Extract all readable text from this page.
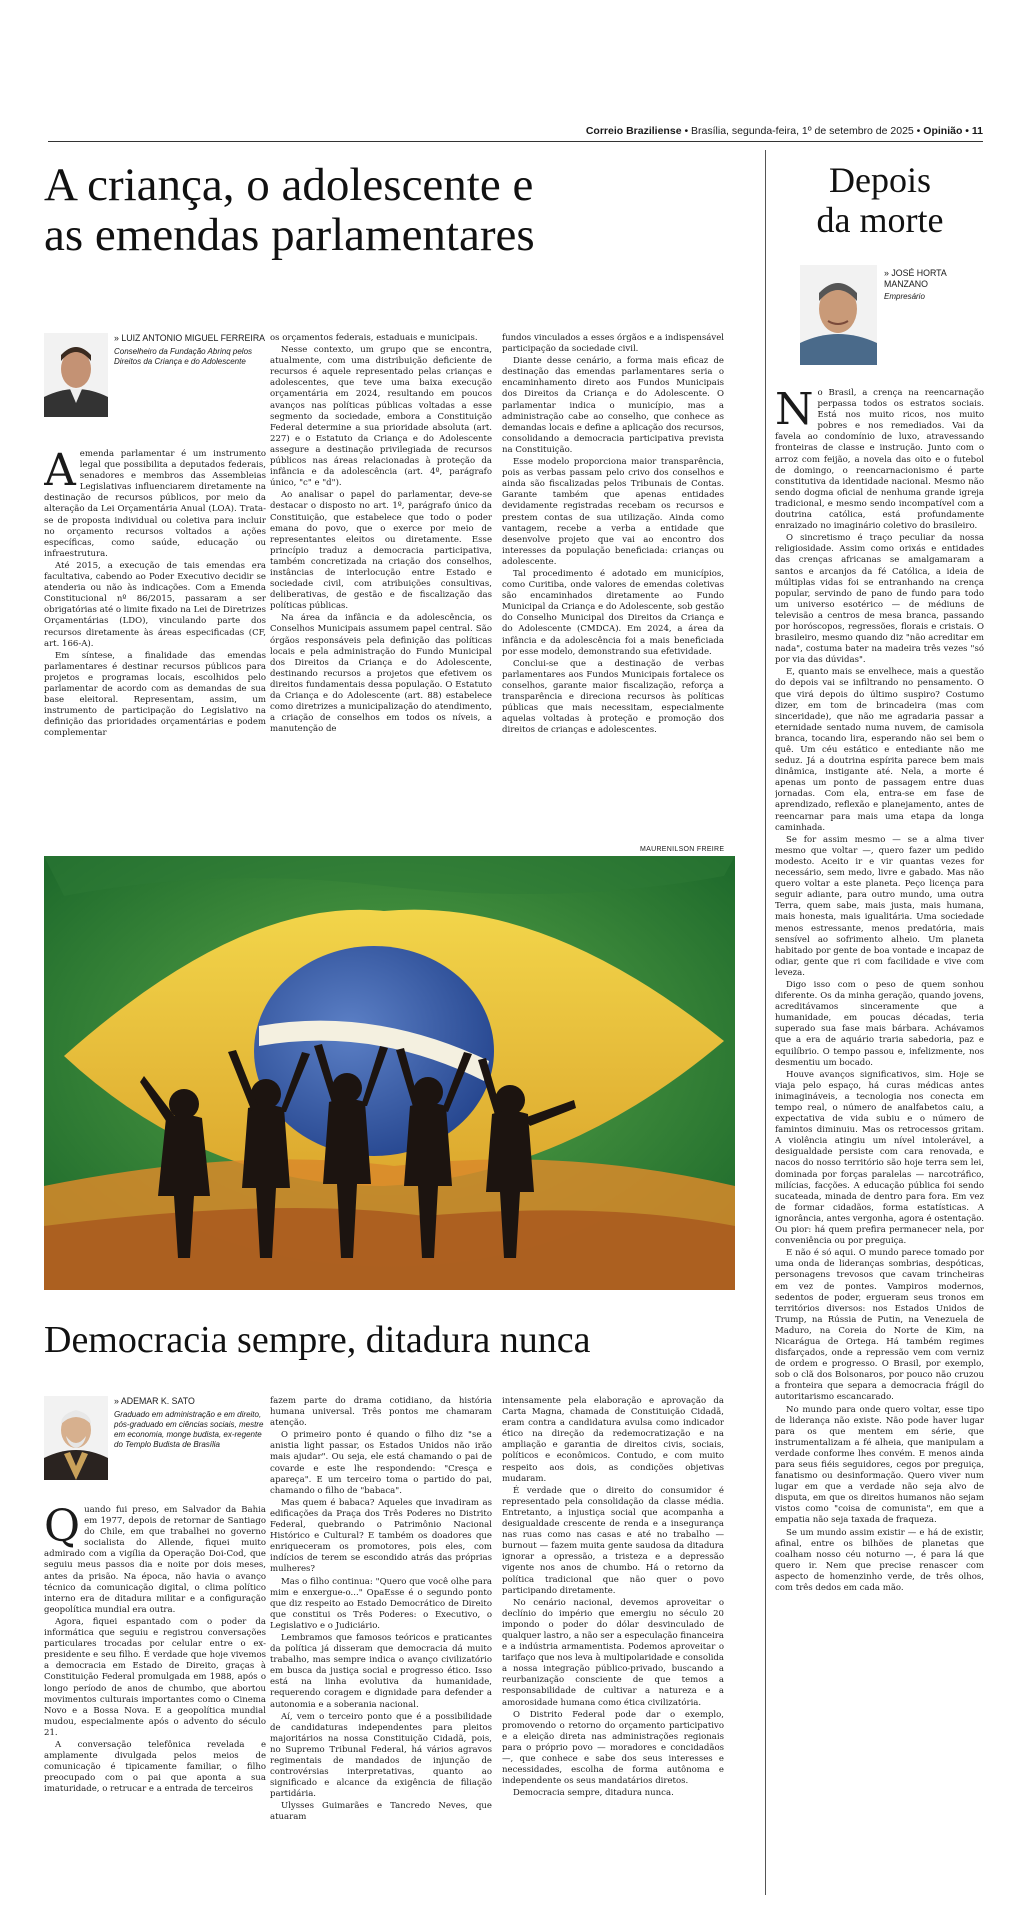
Correio Braziliense • Brasília, segunda-feira, 1º de setembro de 2025 • Opinião • 11
A criança, o adolescente e
as emendas parlamentares
» LUIZ ANTONIO MIGUEL FERREIRA
Conselheiro da Fundação Abrinq pelos Direitos da Criança e do Adolescente

Aemenda parlamentar é um instrumento legal que possibilita a deputados federais, senadores e membros das Assembleias Legislativas influenciarem diretamente na destinação de recursos públicos, por meio da alteração da Lei Orçamentária Anual (LOA). Trata-se de proposta individual ou coletiva para incluir no orçamento recursos voltados a ações específicas, como saúde, educação ou infraestrutura.

Até 2015, a execução de tais emendas era facultativa, cabendo ao Poder Executivo decidir se atenderia ou não às indicações. Com a Emenda Constitucional nº 86/2015, passaram a ser obrigatórias até o limite fixado na Lei de Diretrizes Orçamentárias (LDO), vinculando parte dos recursos diretamente às áreas especificadas (CF, art. 166-A).

Em síntese, a finalidade das emendas parlamentares é destinar recursos públicos para projetos e programas locais, escolhidos pelo parlamentar de acordo com as demandas de sua base eleitoral. Representam, assim, um instrumento de participação do Legislativo na definição das prioridades orçamentárias e podem complementar

os orçamentos federais, estaduais e municipais.

Nesse contexto, um grupo que se encontra, atualmente, com uma distribuição deficiente de recursos é aquele representado pelas crianças e adolescentes, que teve uma baixa execução orçamentária em 2024, resultando em poucos avanços nas políticas públicas voltadas a esse segmento da sociedade, embora a Constituição Federal determine a sua prioridade absoluta (art. 227) e o Estatuto da Criança e do Adolescente assegure a destinação privilegiada de recursos públicos nas áreas relacionadas à proteção da infância e da adolescência (art. 4º, parágrafo único, "c" e "d").

Ao analisar o papel do parlamentar, deve-se destacar o disposto no art. 1º, parágrafo único da Constituição, que estabelece que todo o poder emana do povo, que o exerce por meio de representantes eleitos ou diretamente. Esse princípio traduz a democracia participativa, também concretizada na criação dos conselhos, instâncias de interlocução entre Estado e sociedade civil, com atribuições consultivas, deliberativas, de gestão e de fiscalização das políticas públicas.

Na área da infância e da adolescência, os Conselhos Municipais assumem papel central. São órgãos responsáveis pela definição das políticas locais e pela administração do Fundo Municipal dos Direitos da Criança e do Adolescente, destinando recursos a projetos que efetivem os direitos fundamentais dessa população. O Estatuto da Criança e do Adolescente (art. 88) estabelece como diretrizes a municipalização do atendimento, a criação de conselhos em todos os níveis, a manutenção de

fundos vinculados a esses órgãos e a indispensável participação da sociedade civil.

Diante desse cenário, a forma mais eficaz de destinação das emendas parlamentares seria o encaminhamento direto aos Fundos Municipais dos Direitos da Criança e do Adolescente. O parlamentar indica o município, mas a administração cabe ao conselho, que conhece as demandas locais e define a aplicação dos recursos, consolidando a democracia participativa prevista na Constituição.

Esse modelo proporciona maior transparência, pois as verbas passam pelo crivo dos conselhos e ainda são fiscalizadas pelos Tribunais de Contas. Garante também que apenas entidades devidamente registradas recebam os recursos e prestem contas de sua utilização. Ainda como vantagem, recebe a verba a entidade que desenvolve projeto que vai ao encontro dos interesses da população beneficiada: crianças ou adolescente.

Tal procedimento é adotado em municípios, como Curitiba, onde valores de emendas coletivas são encaminhados diretamente ao Fundo Municipal da Criança e do Adolescente, sob gestão do Conselho Municipal dos Direitos da Criança e do Adolescente (CMDCA). Em 2024, a área da infância e da adolescência foi a mais beneficiada por esse modelo, demonstrando sua efetividade.

Conclui-se que a destinação de verbas parlamentares aos Fundos Municipais fortalece os conselhos, garante maior fiscalização, reforça a transparência e direciona recursos às políticas públicas que mais necessitam, especialmente aquelas voltadas à proteção e promoção dos direitos de crianças e adolescentes.

MAURENILSON FREIRE
Democracia sempre, ditadura nunca
» ADEMAR K. SATO
Graduado em administração e em direito, pós-graduado em ciências sociais, mestre em economia, monge budista, ex-regente do Templo Budista de Brasília

Quando fui preso, em Salvador da Bahia em 1977, depois de retornar de Santiago do Chile, em que trabalhei no governo socialista do Allende, fiquei muito admirado com a vigília da Operação Doi-Cod, que seguiu meus passos dia e noite por dois meses, antes da prisão. Na época, não havia o avanço técnico da comunicação digital, o clima político interno era de ditadura militar e a configuração geopolítica mundial era outra.

Agora, fiquei espantado com o poder da informática que seguiu e registrou conversações particulares trocadas por celular entre o ex-presidente e seu filho. É verdade que hoje vivemos a democracia em Estado de Direito, graças à Constituição Federal promulgada em 1988, após o longo período de anos de chumbo, que abortou movimentos culturais importantes como o Cinema Novo e a Bossa Nova. E a geopolítica mundial mudou, especialmente após o advento do século 21.

A conversação telefônica revelada e amplamente divulgada pelos meios de comunicação é tipicamente familiar, o filho preocupado com o pai que aponta a sua imaturidade, o retrucar e a entrada de terceiros

fazem parte do drama cotidiano, da história humana universal. Três pontos me chamaram atenção.

O primeiro ponto é quando o filho diz "se a anistia light passar, os Estados Unidos não irão mais ajudar". Ou seja, ele está chamando o pai de covarde e este lhe respondendo: "Cresça e apareça". E um terceiro toma o partido do pai, chamando o filho de "babaca".

Mas quem é babaca? Aqueles que invadiram as edificações da Praça dos Três Poderes no Distrito Federal, quebrando o Patrimônio Nacional Histórico e Cultural? E também os doadores que enriqueceram os promotores, pois eles, com indícios de terem se escondido atrás das próprias mulheres?

Mas o filho continua: "Quero que você olhe para mim e enxergue-o..." OpaEsse é o segundo ponto que diz respeito ao Estado Democrático de Direito que constitui os Três Poderes: o Executivo, o Legislativo e o Judiciário.

Lembramos que famosos teóricos e praticantes da política já disseram que democracia dá muito trabalho, mas sempre indica o avanço civilizatório em busca da justiça social e progresso ético. Isso está na linha evolutiva da humanidade, requerendo coragem e dignidade para defender a autonomia e a soberania nacional.

Aí, vem o terceiro ponto que é a possibilidade de candidaturas independentes para pleitos majoritários na nossa Constituição Cidadã, pois, no Supremo Tribunal Federal, há vários agravos regimentais de mandados de injunção de controvérsias interpretativas, quanto ao significado e alcance da exigência de filiação partidária.

Ulysses Guimarães e Tancredo Neves, que atuaram

intensamente pela elaboração e aprovação da Carta Magna, chamada de Constituição Cidadã, eram contra a candidatura avulsa como indicador ético na direção da redemocratização e na ampliação e garantia de direitos civis, sociais, políticos e econômicos. Contudo, e com muito respeito aos dois, as condições objetivas mudaram.

É verdade que o direito do consumidor é representado pela consolidação da classe média. Entretanto, a injustiça social que acompanha a desigualdade crescente de renda e a insegurança nas ruas como nas casas e até no trabalho — burnout — fazem muita gente saudosa da ditadura ignorar a opressão, a tristeza e a depressão vigente nos anos de chumbo. Há o retorno da política tradicional que não quer o povo participando diretamente.

No cenário nacional, devemos aproveitar o declínio do império que emergiu no século 20 impondo o poder do dólar desvinculado de qualquer lastro, a não ser a especulação financeira e a indústria armamentista. Podemos aproveitar o tarifaço que nos leva à multipolaridade e consolida a nossa integração público-privado, buscando a reurbanização consciente de que temos a responsabilidade de cultivar a natureza e a amorosidade humana como ética civilizatória.

O Distrito Federal pode dar o exemplo, promovendo o retorno do orçamento participativo e a eleição direta nas administrações regionais para o próprio povo — moradores e concidadãos —, que conhece e sabe dos seus interesses e necessidades, escolha de forma autônoma e independente os seus mandatários diretos.

Democracia sempre, ditadura nunca.

Depois
da morte
» JOSÉ HORTA MANZANO
Empresário

No Brasil, a crença na reencarnação perpassa todos os estratos sociais. Está nos muito ricos, nos muito pobres e nos remediados. Vai da favela ao condomínio de luxo, atravessando fronteiras de classe e instrução. Junto com o arroz com feijão, a novela das oito e o futebol de domingo, o reencarnacionismo é parte constitutiva da identidade nacional. Mesmo não sendo dogma oficial de nenhuma grande igreja tradicional, e mesmo sendo incompatível com a doutrina católica, está profundamente enraizado no imaginário coletivo do brasileiro.

O sincretismo é traço peculiar da nossa religiosidade. Assim como orixás e entidades das crenças africanas se amalgamaram a santos e arcanjos da fé Católica, a ideia de múltiplas vidas foi se entranhando na crença popular, servindo de pano de fundo para todo um universo esotérico — de médiuns de televisão a centros de mesa branca, passando por horóscopos, regressões, florais e cristais. O brasileiro, mesmo quando diz "não acreditar em nada", costuma bater na madeira três vezes "só por via das dúvidas".

E, quanto mais se envelhece, mais a questão do depois vai se infiltrando no pensamento. O que virá depois do último suspiro? Costumo dizer, em tom de brincadeira (mas com sinceridade), que não me agradaria passar a eternidade sentado numa nuvem, de camisola branca, tocando lira, esperando não sei bem o quê. Um céu estático e entediante não me seduz. Já a doutrina espírita parece bem mais dinâmica, instigante até. Nela, a morte é apenas um ponto de passagem entre duas jornadas. Com ela, entra-se em fase de aprendizado, reflexão e planejamento, antes de reencarnar para mais uma etapa da longa caminhada.

Se for assim mesmo — se a alma tiver mesmo que voltar —, quero fazer um pedido modesto. Aceito ir e vir quantas vezes for necessário, sem medo, livre e gabado. Mas não quero voltar a este planeta. Peço licença para seguir adiante, para outro mundo, uma outra Terra, quem sabe, mais justa, mais humana, mais honesta, mais igualitária. Uma sociedade menos estressante, menos predatória, mais sensível ao sofrimento alheio. Um planeta habitado por gente de boa vontade e incapaz de odiar, gente que ri com facilidade e vive com leveza.

Digo isso com o peso de quem sonhou diferente. Os da minha geração, quando jovens, acreditávamos sinceramente que a humanidade, em poucas décadas, teria superado sua fase mais bárbara. Achávamos que a era de aquário traria sabedoria, paz e equilíbrio. O tempo passou e, infelizmente, nos desmentiu um bocado.

Houve avanços significativos, sim. Hoje se viaja pelo espaço, há curas médicas antes inimagináveis, a tecnologia nos conecta em tempo real, o número de analfabetos caiu, a expectativa de vida subiu e o número de famintos diminuiu. Mas os retrocessos gritam. A violência atingiu um nível intolerável, a desigualdade persiste com cara renovada, e nacos do nosso território são hoje terra sem lei, dominada por forças paralelas — narcotráfico, milícias, facções. A educação pública foi sendo sucateada, minada de dentro para fora. Em vez de formar cidadãos, forma estatísticas. A ignorância, antes vergonha, agora é ostentação. Ou pior: há quem prefira permanecer nela, por conveniência ou por preguiça.

E não é só aqui. O mundo parece tomado por uma onda de lideranças sombrias, despóticas, personagens trevosos que cavam trincheiras em vez de pontes. Vampiros modernos, sedentos de poder, ergueram seus tronos em territórios diversos: nos Estados Unidos de Trump, na Rússia de Putin, na Venezuela de Maduro, na Coreia do Norte de Kim, na Nicarágua de Ortega. Há também regimes disfarçados, onde a repressão vem com verniz de ordem e progresso. O Brasil, por exemplo, sob o clã dos Bolsonaros, por pouco não cruzou a fronteira que separa a democracia frágil do autoritarismo escancarado.

No mundo para onde quero voltar, esse tipo de liderança não existe. Não pode haver lugar para os que mentem em série, que instrumentalizam a fé alheia, que manipulam a verdade conforme lhes convém. E menos ainda para seus fiéis seguidores, cegos por preguiça, fanatismo ou desinformação. Quero viver num lugar em que a verdade não seja alvo de disputa, em que os direitos humanos não sejam vistos como "coisa de comunista", em que a empatia não seja taxada de fraqueza.

Se um mundo assim existir — e há de existir, afinal, entre os bilhões de planetas que coalham nosso céu noturno —, é para lá que quero ir. Nem que precise renascer com aspecto de homenzinho verde, de três olhos, com três dedos em cada mão.
